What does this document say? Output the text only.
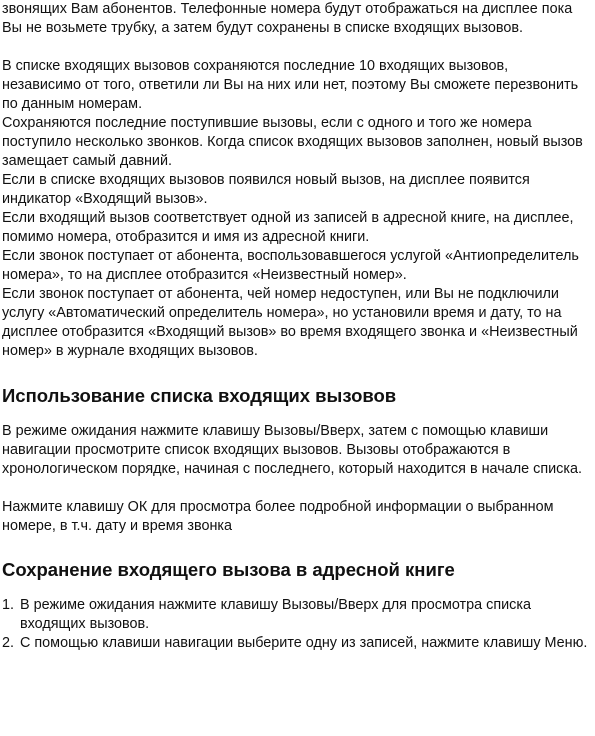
звонящих Вам абонентов. Телефонные номера будут отображаться на дисплее пока Вы не возьмете трубку, а затем будут сохранены в списке входящих вызовов.

В списке входящих вызовов сохраняются последние 10 входящих вызовов, независимо от того, ответили ли Вы на них или нет, поэтому Вы сможете перезвонить по данным номерам.

Сохраняются последние поступившие вызовы, если с одного и того же номера поступило несколько звонков. Когда список входящих вызовов заполнен, новый вызов замещает самый давний.

Если в списке входящих вызовов появился новый вызов, на дисплее появится индикатор «Входящий вызов».

Если входящий вызов соответствует одной из записей в адресной книге, на дисплее, помимо номера, отобразится и имя из адресной книги.

Если звонок поступает от абонента, воспользовавшегося услугой «Антиопределитель номера», то на дисплее отобразится «Неизвестный номер».

Если звонок поступает от абонента, чей номер недоступен, или Вы не подключили услугу «Автоматический определитель номера», но установили время и дату, то на дисплее отобразится «Входящий вызов» во время входящего звонка и «Неизвестный номер» в журнале входящих вызовов.

Использование списка входящих вызовов

В режиме ожидания нажмите клавишу Вызовы/Вверх, затем с помощью клавиши навигации просмотрите список входящих вызовов. Вызовы отображаются в хронологическом порядке, начиная с последнего, который находится в начале списка.

Нажмите клавишу ОК для просмотра более подробной информации о выбранном номере, в т.ч. дату и время звонка

Сохранение входящего вызова в адресной книге
1. В режиме ожидания нажмите клавишу Вызовы/Вверх для просмотра списка входящих вызовов.
2. С помощью клавиши навигации выберите одну из записей, нажмите клавишу Меню.
